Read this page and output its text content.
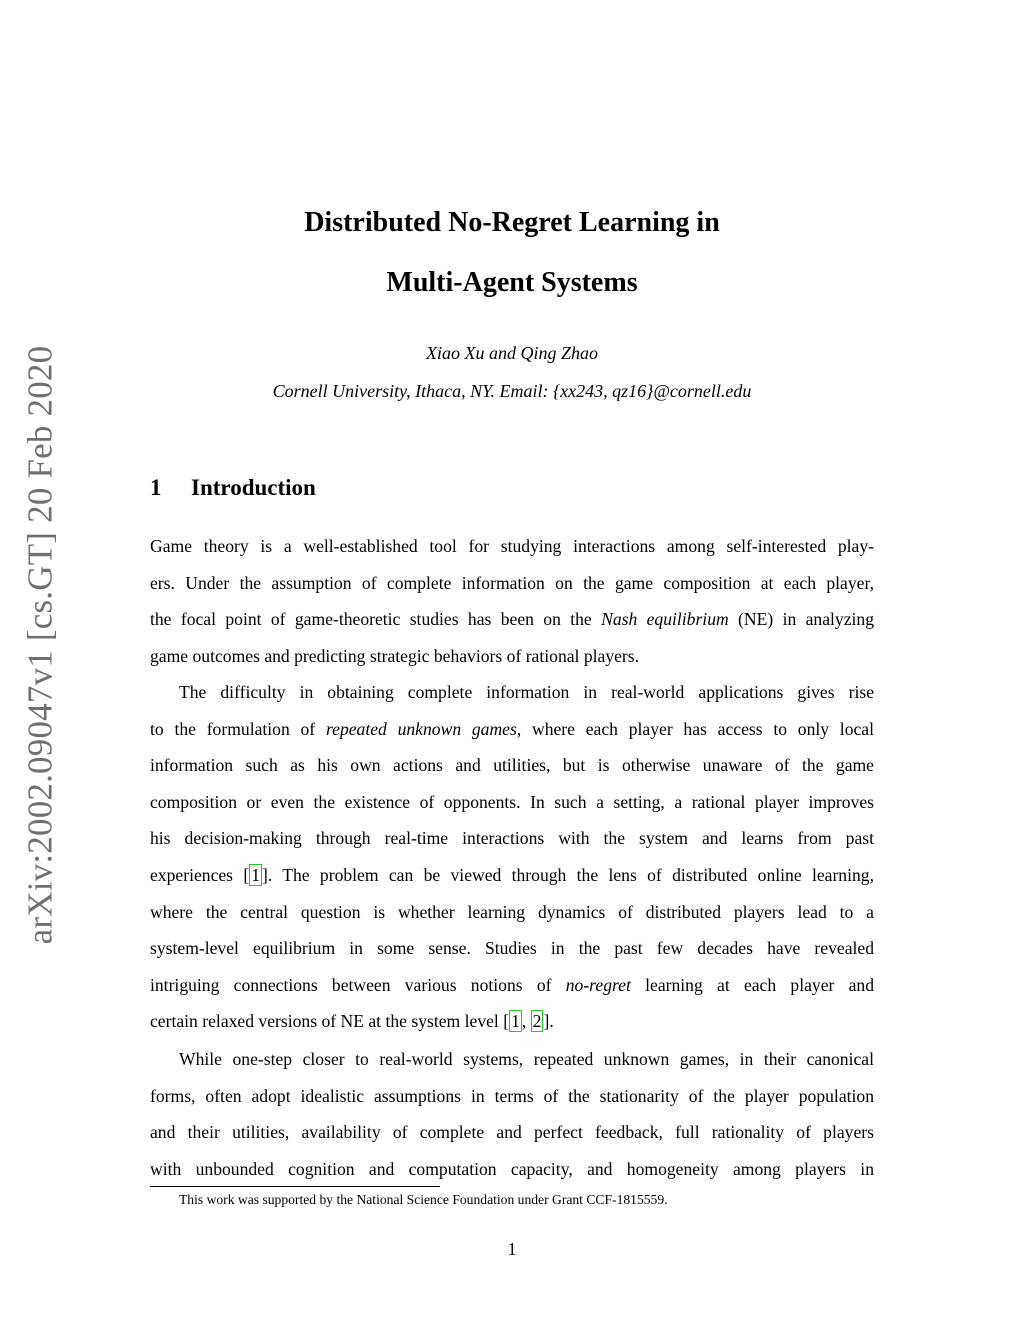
arXiv:2002.09047v1 [cs.GT] 20 Feb 2020
Distributed No-Regret Learning in
Multi-Agent Systems
Xiao Xu and Qing Zhao
Cornell University, Ithaca, NY. Email: {xx243, qz16}@cornell.edu
1 Introduction
Game theory is a well-established tool for studying interactions among self-interested play-
ers. Under the assumption of complete information on the game composition at each player,
the focal point of game-theoretic studies has been on the Nash equilibrium (NE) in analyzing
game outcomes and predicting strategic behaviors of rational players.
The difficulty in obtaining complete information in real-world applications gives rise
to the formulation of repeated unknown games, where each player has access to only local
information such as his own actions and utilities, but is otherwise unaware of the game
composition or even the existence of opponents. In such a setting, a rational player improves
his decision-making through real-time interactions with the system and learns from past
experiences [ 1 ]. The problem can be viewed through the lens of distributed online learning,
where the central question is whether learning dynamics of distributed players lead to a
system-level equilibrium in some sense. Studies in the past few decades have revealed
intriguing connections between various notions of no-regret learning at each player and
certain relaxed versions of NE at the system level [ 1 , 2 ].
While one-step closer to real-world systems, repeated unknown games, in their canonical
forms, often adopt idealistic assumptions in terms of the stationarity of the player population
and their utilities, availability of complete and perfect feedback, full rationality of players
with unbounded cognition and computation capacity, and homogeneity among players in
This work was supported by the National Science Foundation under Grant CCF-1815559.
1
